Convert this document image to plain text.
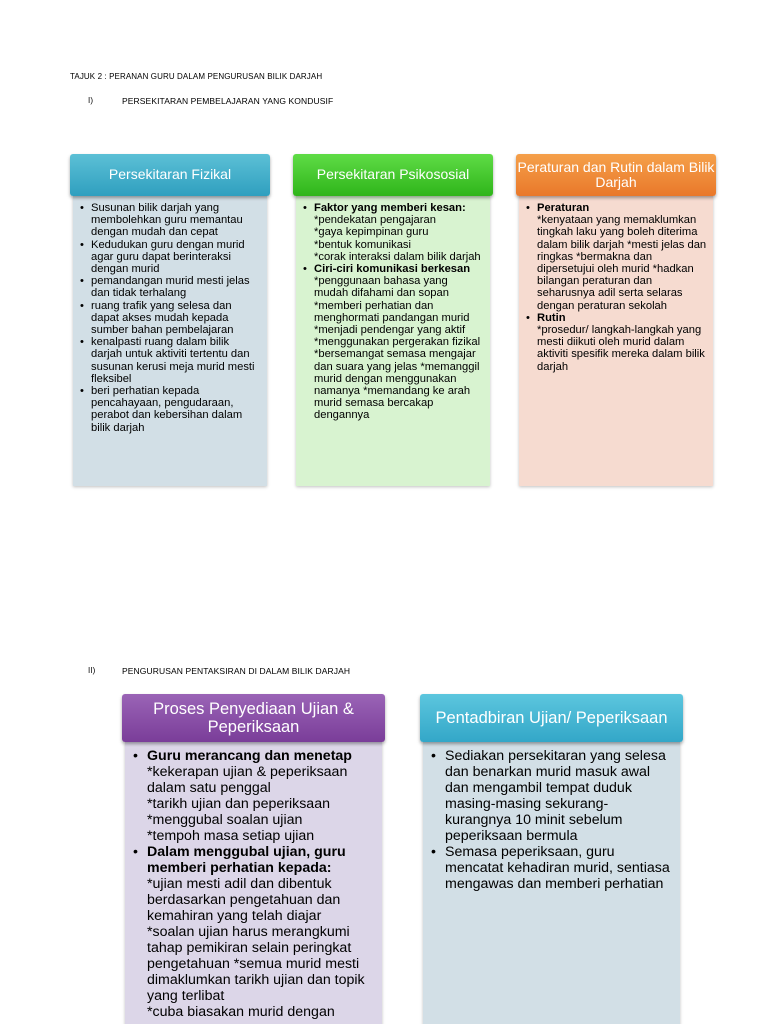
TAJUK 2 : PERANAN GURU DALAM PENGURUSAN BILIK DARJAH
I)	PERSEKITARAN PEMBELAJARAN YANG KONDUSIF
Persekitaran Fizikal
• Susunan bilik darjah yang membolehkan guru memantau dengan mudah dan cepat
• Kedudukan guru dengan murid agar guru dapat berinteraksi dengan murid
• pemandangan murid mesti jelas dan tidak terhalang
• ruang trafik yang selesa dan dapat akses mudah kepada sumber bahan pembelajaran
• kenalpasti ruang dalam bilik darjah untuk aktiviti tertentu dan susunan kerusi meja murid mesti fleksibel
• beri perhatian kepada pencahayaan, pengudaraan, perabot dan kebersihan dalam bilik darjah
Persekitaran Psikososial
• Faktor yang memberi kesan:
*pendekatan pengajaran
*gaya kepimpinan guru
*bentuk komunikasi
*corak interaksi dalam bilik darjah
• Ciri-ciri komunikasi berkesan *penggunaan bahasa yang mudah difahami dan sopan *memberi perhatian dan menghormati pandangan murid *menjadi pendengar yang aktif *menggunakan pergerakan fizikal *bersemangat semasa mengajar dan suara yang jelas *memanggil murid dengan menggunakan namanya *memandang ke arah murid semasa bercakap dengannya
Peraturan dan Rutin dalam Bilik Darjah
• Peraturan
*kenyataan yang memaklumkan tingkah laku yang boleh diterima dalam bilik darjah *mesti jelas dan ringkas *bermakna dan dipersetujui oleh murid *hadkan bilangan peraturan dan seharusnya adil serta selaras dengan peraturan sekolah
• Rutin
*prosedur/ langkah-langkah yang mesti diikuti oleh murid dalam aktiviti spesifik mereka dalam bilik darjah
II)	PENGURUSAN PENTAKSIRAN DI DALAM BILIK DARJAH
Proses Penyediaan Ujian & Peperiksaan
• Guru merancang dan menetap
*kekerapan ujian & peperiksaan dalam satu penggal
*tarikh ujian dan peperiksaan
*menggubal soalan ujian
*tempoh masa setiap ujian
• Dalam menggubal ujian, guru memberi perhatian kepada:
*ujian mesti adil dan dibentuk berdasarkan pengetahuan dan kemahiran yang telah diajar
*soalan ujian harus merangkumi tahap pemikiran selain peringkat pengetahuan *semua murid mesti dimaklumkan tarikh ujian dan topik yang terlibat
*cuba biasakan murid dengan
Pentadbiran Ujian/ Peperiksaan
• Sediakan persekitaran yang selesa dan benarkan murid masuk awal dan mengambil tempat duduk masing-masing sekurang-kurangnya 10 minit sebelum peperiksaan bermula
• Semasa peperiksaan, guru mencatat kehadiran murid, sentiasa mengawas dan memberi perhatian
